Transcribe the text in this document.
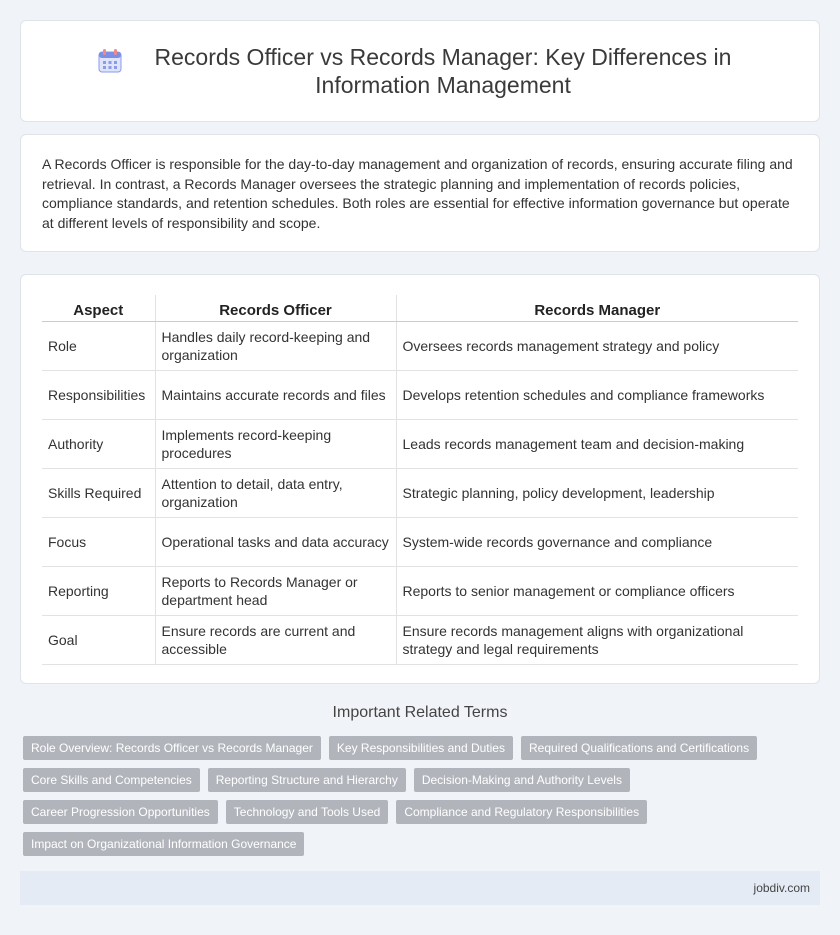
Records Officer vs Records Manager: Key Differences in Information Management

A Records Officer is responsible for the day-to-day management and organization of records, ensuring accurate filing and retrieval. In contrast, a Records Manager oversees the strategic planning and implementation of records policies, compliance standards, and retention schedules. Both roles are essential for effective information governance but operate at different levels of responsibility and scope.

Aspect	Records Officer	Records Manager
Role	Handles daily record-keeping and organization	Oversees records management strategy and policy
Responsibilities	Maintains accurate records and files	Develops retention schedules and compliance frameworks
Authority	Implements record-keeping procedures	Leads records management team and decision-making
Skills Required	Attention to detail, data entry, organization	Strategic planning, policy development, leadership
Focus	Operational tasks and data accuracy	System-wide records governance and compliance
Reporting	Reports to Records Manager or department head	Reports to senior management or compliance officers
Goal	Ensure records are current and accessible	Ensure records management aligns with organizational strategy and legal requirements
Important Related Terms
Role Overview: Records Officer vs Records Manager	Key Responsibilities and Duties	Required Qualifications and Certifications
Core Skills and Competencies	Reporting Structure and Hierarchy	Decision-Making and Authority Levels
Career Progression Opportunities	Technology and Tools Used	Compliance and Regulatory Responsibilities
Impact on Organizational Information Governance
jobdiv.com
